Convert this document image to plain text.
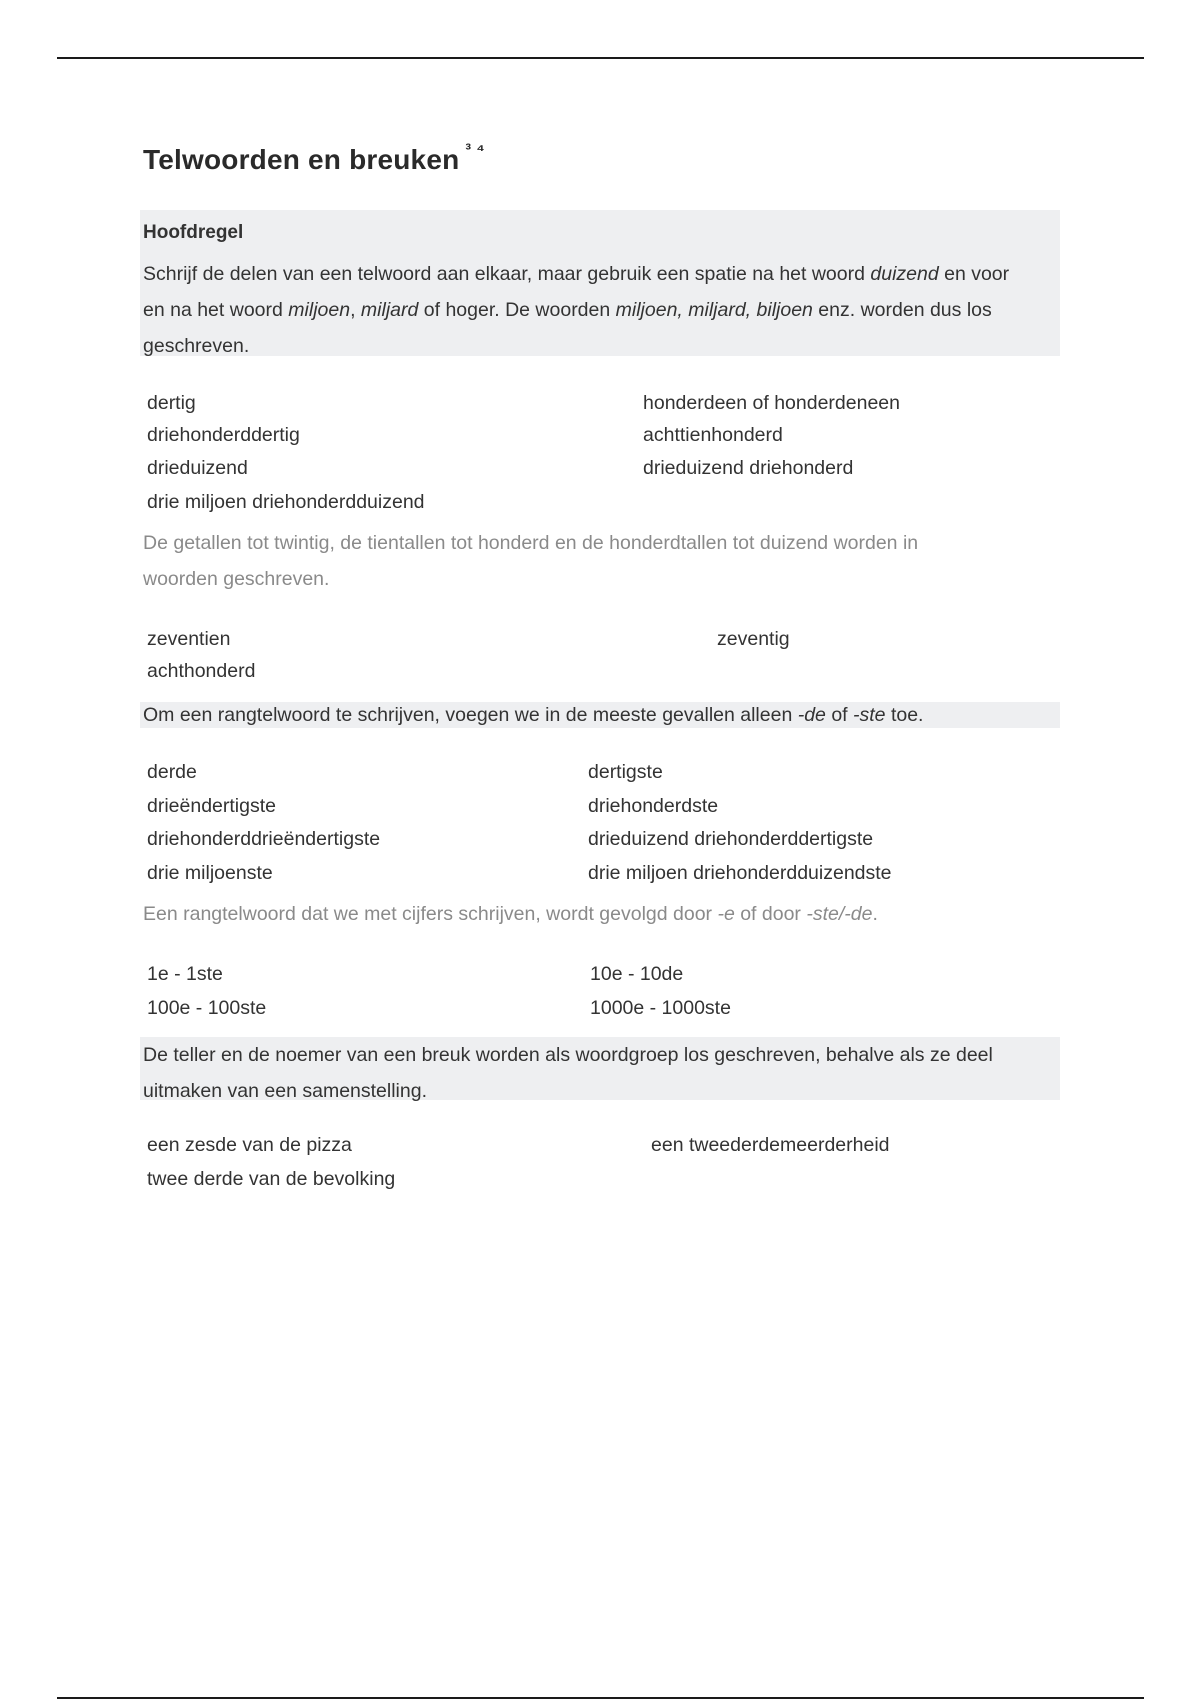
Telwoorden en breuken $^{^3 ^4}$

Hoofdregel

Schrijf de delen van een telwoord aan elkaar, maar gebruik een spatie na het woord duizend en voor

en na het woord miljoen, miljard of hoger. De woorden miljoen, miljard, biljoen enz. worden dus los

geschreven.

dertig
driehonderddertig
drieduizend
drie miljoen driehonderdduizend
honderdeen of honderdeneen
achttienhonderd
drieduizend driehonderd

De getallen tot twintig, de tientallen tot honderd en de honderdtallen tot duizend worden in
woorden geschreven.

zeventien
achthonderd
zeventig

Om een rangtelwoord te schrijven, voegen we in de meeste gevallen alleen -de of -ste toe.

derde
drieëndertigste
driehonderddrieëndertigste
drie miljoenste
dertigste
driehonderdste
drieduizend driehonderddertigste
drie miljoen driehonderdduizendste

Een rangtelwoord dat we met cijfers schrijven, wordt gevolgd door -e of door -ste/-de.

1e - 1ste
100e - 100ste
10e - 10de
1000e - 1000ste

De teller en de noemer van een breuk worden als woordgroep los geschreven, behalve als ze deel

uitmaken van een samenstelling.

een zesde van de pizza
twee derde van de bevolking
een tweederdemeerderheid
